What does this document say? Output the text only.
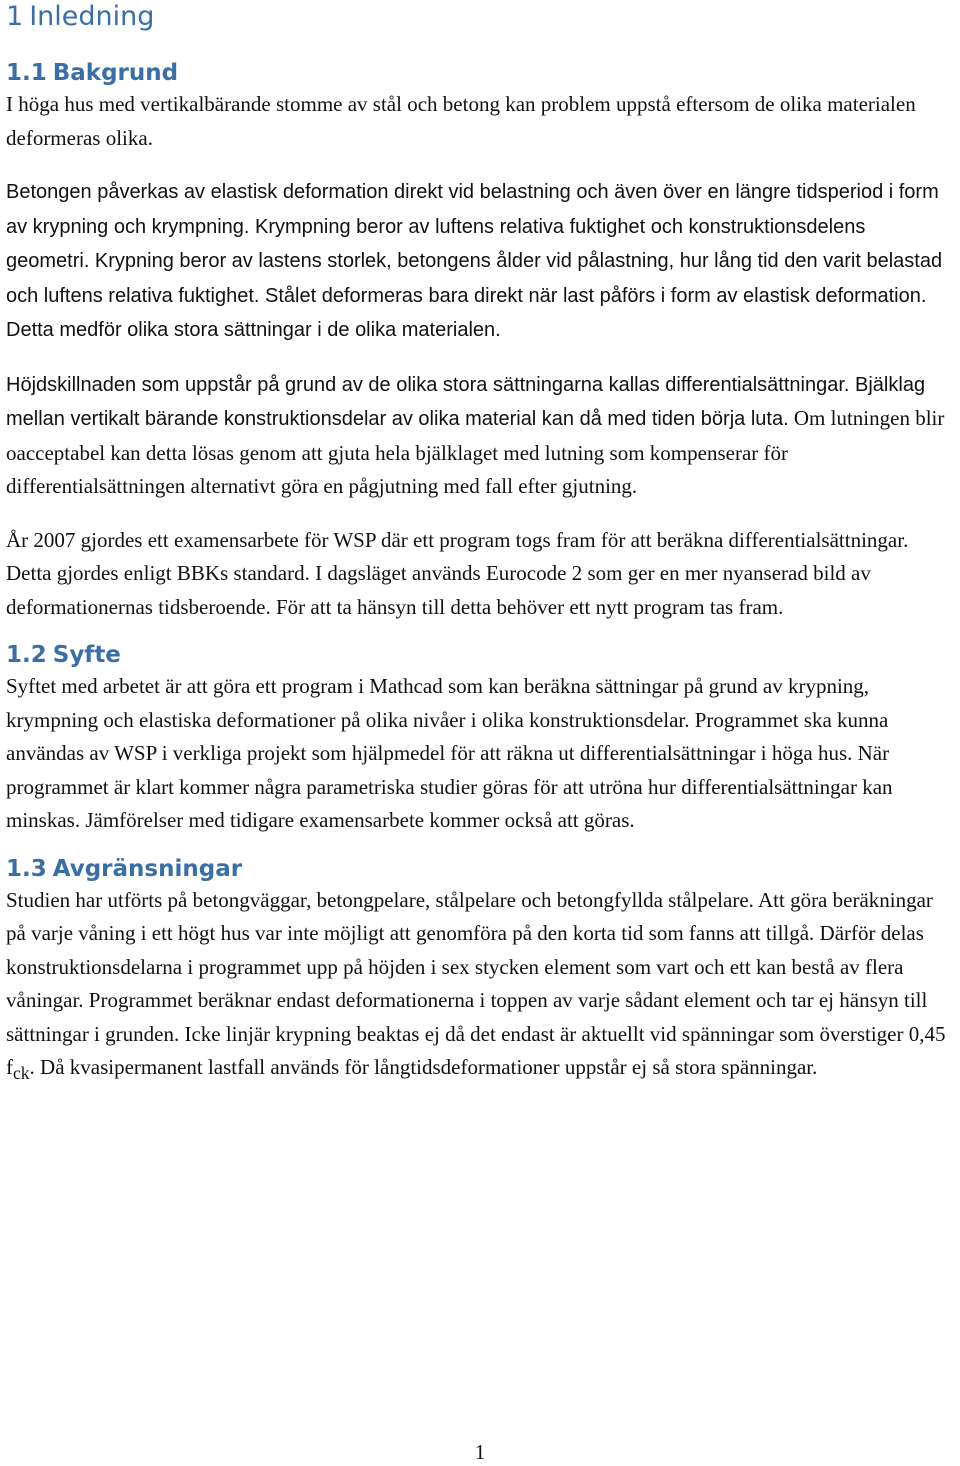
1 Inledning
1.1 Bakgrund

I höga hus med vertikalbärande stomme av stål och betong kan problem uppstå eftersom de olika materialen deformeras olika.

Betongen påverkas av elastisk deformation direkt vid belastning och även över en längre tidsperiod i form av krypning och krympning. Krympning beror av luftens relativa fuktighet och konstruktionsdelens geometri. Krypning beror av lastens storlek, betongens ålder vid pålastning, hur lång tid den varit belastad och luftens relativa fuktighet. Stålet deformeras bara direkt när last påförs i form av elastisk deformation. Detta medför olika stora sättningar i de olika materialen.

Höjdskillnaden som uppstår på grund av de olika stora sättningarna kallas differentialsättningar. Bjälklag mellan vertikalt bärande konstruktionsdelar av olika material kan då med tiden börja luta. Om lutningen blir oacceptabel kan detta lösas genom att gjuta hela bjälklaget med lutning som kompenserar för differentialsättningen alternativt göra en pågjutning med fall efter gjutning.

År 2007 gjordes ett examensarbete för WSP där ett program togs fram för att beräkna differentialsättningar. Detta gjordes enligt BBKs standard. I dagsläget används Eurocode 2 som ger en mer nyanserad bild av deformationernas tidsberoende. För att ta hänsyn till detta behöver ett nytt program tas fram.

1.2 Syfte

Syftet med arbetet är att göra ett program i Mathcad som kan beräkna sättningar på grund av krypning, krympning och elastiska deformationer på olika nivåer i olika konstruktionsdelar. Programmet ska kunna användas av WSP i verkliga projekt som hjälpmedel för att räkna ut differentialsättningar i höga hus. När programmet är klart kommer några parametriska studier göras för att utröna hur differentialsättningar kan minskas. Jämförelser med tidigare examensarbete kommer också att göras.

1.3 Avgränsningar

Studien har utförts på betongväggar, betongpelare, stålpelare och betongfyllda stålpelare. Att göra beräkningar på varje våning i ett högt hus var inte möjligt att genomföra på den korta tid som fanns att tillgå. Därför delas konstruktionsdelarna i programmet upp på höjden i sex stycken element som vart och ett kan bestå av flera våningar. Programmet beräknar endast deformationerna i toppen av varje sådant element och tar ej hänsyn till sättningar i grunden. Icke linjär krypning beaktas ej då det endast är aktuellt vid spänningar som överstiger 0,45 $f_{ck}$. Då kvasipermanent lastfall används för långtidsdeformationer uppstår ej så stora spänningar.

1
